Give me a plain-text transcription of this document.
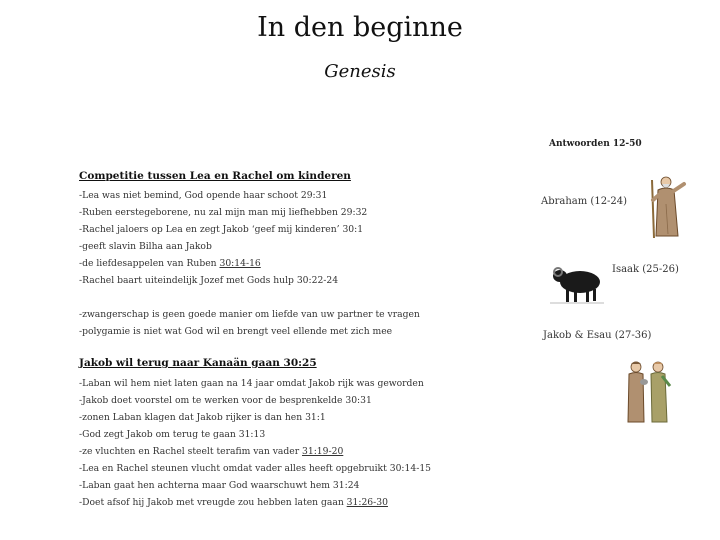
In den beginne
Genesis
Antwoorden 12-50
Competitie tussen Lea en Rachel om kinderen
-Lea was niet bemind, God opende haar schoot 29:31
-Ruben eerstegeborene, nu zal mijn man mij liefhebben 29:32
-Rachel jaloers op Lea en zegt Jakob ‘geef mij kinderen’ 30:1
-geeft slavin Bilha aan Jakob
-de liefdesappelen van Ruben 30:14-16
-Rachel baart uiteindelijk Jozef met Gods hulp 30:22-24
-zwangerschap is geen goede manier om liefde van uw partner te vragen
-polygamie is niet wat God wil en brengt veel ellende met zich mee
Jakob wil terug naar Kanaän gaan 30:25
-Laban wil hem niet laten gaan na 14 jaar omdat Jakob rijk was geworden
-Jakob doet voorstel om te werken voor de besprenkelde 30:31
-zonen Laban klagen dat Jakob rijker is dan hen 31:1
-God zegt Jakob om terug te gaan 31:13
-ze vluchten en Rachel steelt terafim van vader 31:19-20
-Lea en Rachel steunen vlucht omdat vader alles heeft opgebruikt 30:14-15
-Laban gaat hen achterna maar God waarschuwt hem 31:24
-Doet afsof hij Jakob met vreugde zou hebben laten gaan 31:26-30
Abraham (12-24)
Isaak (25-26)
Jakob & Esau (27-36)
